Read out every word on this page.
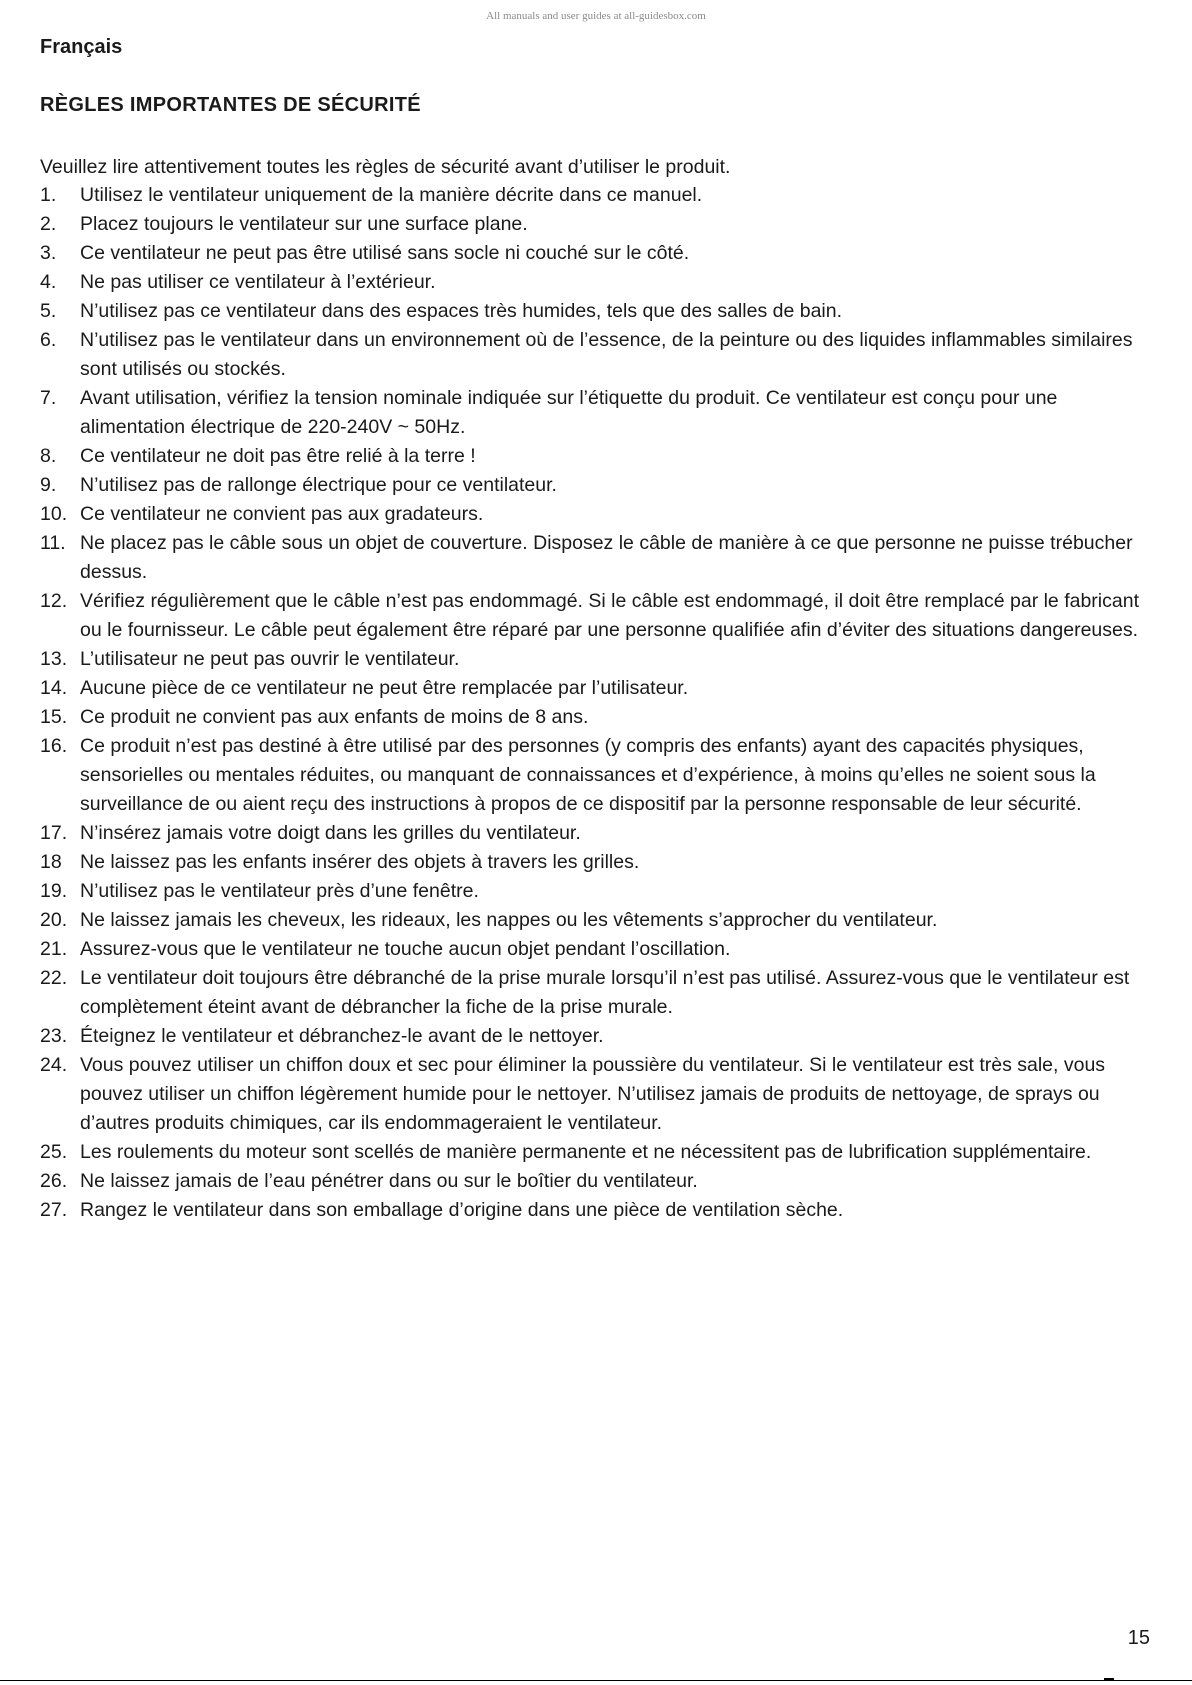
All manuals and user guides at all-guidesbox.com
Français
RÈGLES IMPORTANTES DE SÉCURITÉ
Veuillez lire attentivement toutes les règles de sécurité avant d’utiliser le produit.
1. Utilisez le ventilateur uniquement de la manière décrite dans ce manuel.
2. Placez toujours le ventilateur sur une surface plane.
3. Ce ventilateur ne peut pas être utilisé sans socle ni couché sur le côté.
4. Ne pas utiliser ce ventilateur à l’extérieur.
5. N’utilisez pas ce ventilateur dans des espaces très humides, tels que des salles de bain.
6. N’utilisez pas le ventilateur dans un environnement où de l’essence, de la peinture ou des liquides inflammables similaires sont utilisés ou stockés.
7. Avant utilisation, vérifiez la tension nominale indiquée sur l’étiquette du produit. Ce ventilateur est conçu pour une alimentation électrique de 220-240V ~ 50Hz.
8. Ce ventilateur ne doit pas être relié à la terre !
9. N’utilisez pas de rallonge électrique pour ce ventilateur.
10. Ce ventilateur ne convient pas aux gradateurs.
11. Ne placez pas le câble sous un objet de couverture. Disposez le câble de manière à ce que personne ne puisse trébucher dessus.
12. Vérifiez régulièrement que le câble n’est pas endommagé. Si le câble est endommagé, il doit être remplacé par le fabricant ou le fournisseur. Le câble peut également être réparé par une personne qualifiée afin d’éviter des situations dangereuses.
13. L’utilisateur ne peut pas ouvrir le ventilateur.
14. Aucune pièce de ce ventilateur ne peut être remplacée par l’utilisateur.
15. Ce produit ne convient pas aux enfants de moins de 8 ans.
16. Ce produit n’est pas destiné à être utilisé par des personnes (y compris des enfants) ayant des capacités physiques, sensorielles ou mentales réduites, ou manquant de connaissances et d’expérience, à moins qu’elles ne soient sous la surveillance de ou aient reçu des instructions à propos de ce dispositif par la personne responsable de leur sécurité.
17. N’insérez jamais votre doigt dans les grilles du ventilateur.
18 Ne laissez pas les enfants insérer des objets à travers les grilles.
19. N’utilisez pas le ventilateur près d’une fenêtre.
20. Ne laissez jamais les cheveux, les rideaux, les nappes ou les vêtements s’approcher du ventilateur.
21. Assurez-vous que le ventilateur ne touche aucun objet pendant l’oscillation.
22. Le ventilateur doit toujours être débranché de la prise murale lorsqu’il n’est pas utilisé. Assurez-vous que le ventilateur est complètement éteint avant de débrancher la fiche de la prise murale.
23. Éteignez le ventilateur et débranchez-le avant de le nettoyer.
24. Vous pouvez utiliser un chiffon doux et sec pour éliminer la poussière du ventilateur. Si le ventilateur est très sale, vous pouvez utiliser un chiffon légèrement humide pour le nettoyer. N’utilisez jamais de produits de nettoyage, de sprays ou d’autres produits chimiques, car ils endommageraient le ventilateur.
25. Les roulements du moteur sont scellés de manière permanente et ne nécessitent pas de lubrification supplémentaire.
26. Ne laissez jamais de l’eau pénétrer dans ou sur le boîtier du ventilateur.
27. Rangez le ventilateur dans son emballage d’origine dans une pièce de ventilation sèche.
15
